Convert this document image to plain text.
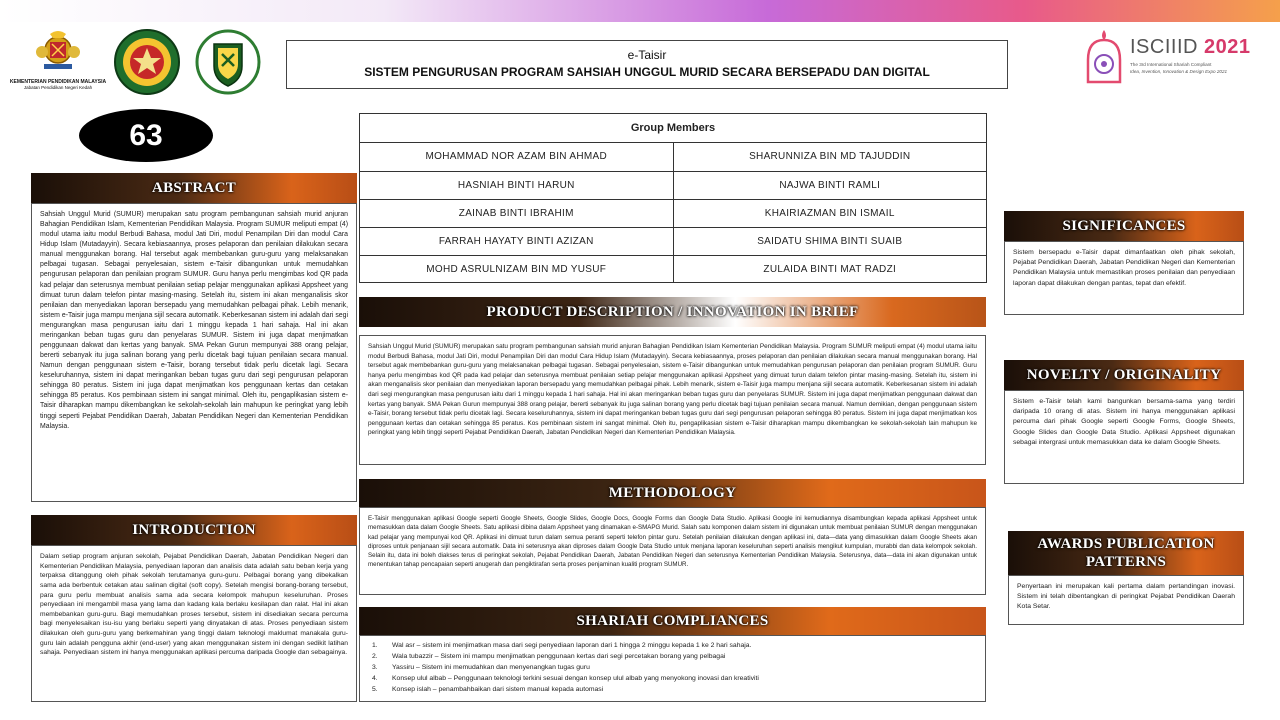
KEMENTERIAN PENDIDIKAN MALAYSIA
Jabatan Pendidikan Negeri Kedah
e-Taisir
SISTEM PENGURUSAN PROGRAM SAHSIAH UNGGUL MURID SECARA BERSEPADU DAN DIGITAL
ISCIIID 2021
The 3rd International Shariah Compliant
Idea, Invention, Innovation & Design Expo 2021
63
ABSTRACT
Sahsiah Unggul Murid (SUMUR) merupakan satu program pembangunan sahsiah murid anjuran Bahagian Pendidikan Islam, Kementerian Pendidikan Malaysia. Program SUMUR meliputi empat (4) modul utama iaitu modul Berbudi Bahasa, modul Jati Diri, modul Penampilan Diri dan modul Cara Hidup Islam (Mutadayyin). Secara kebiasaannya, proses pelaporan dan penilaian dilakukan secara manual menggunakan borang. Hal tersebut agak membebankan guru-guru yang melaksanakan pelbagai tugasan. Sebagai penyelesaian, sistem e-Taisir dibangunkan untuk memudahkan pengurusan pelaporan dan penilaian program SUMUR. Guru hanya perlu mengimbas kod QR pada kad pelajar dan seterusnya membuat penilaian setiap pelajar menggunakan aplikasi Appsheet yang dimuat turun dalam telefon pintar masing-masing. Setelah itu, sistem ini akan menganalisis skor penilaian dan menyediakan laporan bersepadu yang memudahkan pelbagai pihak. Lebih menarik, sistem e-Taisir juga mampu menjana sijil secara automatik. Keberkesanan sistem ini adalah dari segi mengurangkan masa pengurusan iaitu dari 1 minggu kepada 1 hari sahaja. Hal ini akan meringankan beban tugas guru dan penyelaras SUMUR. Sistem ini juga dapat menjimatkan penggunaan dakwat dan kertas yang banyak. SMA Pekan Gurun mempunyai 388 orang pelajar, bererti sebanyak itu juga salinan borang yang perlu dicetak bagi tujuan penilaian secara manual. Namun dengan penggunaan sistem e-Taisir, borang tersebut tidak perlu dicetak lagi. Secara keseluruhannya, sistem ini dapat meringankan beban tugas guru dari segi pengurusan pelaporan sehingga 80 peratus. Sistem ini juga dapat menjimatkan kos penggunaan kertas dan cetakan sehingga 85 peratus. Kos pembinaan sistem ini sangat minimal. Oleh itu, pengaplikasian sistem e-Taisir diharapkan mampu dikembangkan ke sekolah-sekolah lain mahupun ke peringkat yang lebih tinggi seperti Pejabat Pendidikan Daerah, Jabatan Pendidikan Negeri dan Kementerian Pendidikan Malaysia.
INTRODUCTION
Dalam setiap program anjuran sekolah, Pejabat Pendidikan Daerah, Jabatan Pendidikan Negeri dan Kementerian Pendidikan Malaysia, penyediaan laporan dan analisis data adalah satu beban kerja yang terpaksa ditanggung oleh pihak sekolah terutamanya guru-guru. Pelbagai borang yang dibekalkan sama ada berbentuk cetakan atau salinan digital (soft copy). Setelah mengisi borang-borang tersebut, para guru perlu membuat analisis sama ada secara kelompok mahupun keseluruhan. Proses penyediaan ini mengambil masa yang lama dan kadang kala berlaku kesilapan dan ralat. Hal ini akan membebankan guru-guru. Bagi memudahkan proses tersebut, sistem ini disediakan secara percuma bagi menyelesaikan isu-isu yang berlaku seperti yang dinyatakan di atas. Proses penyediaan sistem dilakukan oleh guru-guru yang berkemahiran yang tinggi dalam teknologi maklumat manakala guru-guru lain adalah pengguna akhir (end-user) yang akan menggunakan sistem ini dengan sedikit latihan sahaja. Penyediaan sistem ini hanya menggunakan aplikasi percuma daripada Google dan sebagainya.
Group Members
MOHAMMAD NOR AZAM BIN AHMAD	SHARUNNIZA BIN MD TAJUDDIN
HASNIAH BINTI HARUN	NAJWA BINTI RAMLI
ZAINAB BINTI IBRAHIM	KHAIRIAZMAN BIN ISMAIL
FARRAH HAYATY BINTI AZIZAN	SAIDATU SHIMA BINTI SUAIB
MOHD ASRULNIZAM BIN MD YUSUF	ZULAIDA BINTI MAT RADZI
PRODUCT DESCRIPTION / INNOVATION IN BRIEF
Sahsiah Unggul Murid (SUMUR) merupakan satu program pembangunan sahsiah murid anjuran Bahagian Pendidikan Islam Kementerian Pendidikan Malaysia. Program SUMUR meliputi empat (4) modul utama iaitu modul Berbudi Bahasa, modul Jati Diri, modul Penampilan Diri dan modul Cara Hidup Islam (Mutadayyin). Secara kebiasaannya, proses pelaporan dan penilaian dilakukan secara manual menggunakan borang. Hal tersebut agak membebankan guru-guru yang melaksanakan pelbagai tugasan. Sebagai penyelesaian, sistem e-Taisir dibangunkan untuk memudahkan pengurusan pelaporan dan penilaian program SUMUR. Guru hanya perlu mengimbas kod QR pada kad pelajar dan seterusnya membuat penilaian setiap pelajar menggunakan aplikasi Appsheet yang dimuat turun dalam telefon pintar masing-masing. Setelah itu, sistem ini akan menganalisis skor penilaian dan menyediakan laporan bersepadu yang memudahkan pelbagai pihak. Lebih menarik, sistem e-Taisir juga mampu menjana sijil secara automatik. Keberkesanan sistem ini adalah dari segi mengurangkan masa pengurusan iaitu dari 1 minggu kepada 1 hari sahaja. Hal ini akan meringankan beban tugas guru dan penyelaras SUMUR. Sistem ini juga dapat menjimatkan penggunaan dakwat dan kertas yang banyak. SMA Pekan Gurun mempunyai 388 orang pelajar, bererti sebanyak itu juga salinan borang yang perlu dicetak bagi tujuan penilaian secara manual. Namun demikian, dengan penggunaan sistem e-Taisir, borang tersebut tidak perlu dicetak lagi. Secara keseluruhannya, sistem ini dapat meringankan beban tugas guru dari segi pengurusan pelaporan sehingga 80 peratus. Sistem ini juga dapat menjimatkan kos penggunaan kertas dan cetakan sehingga 85 peratus. Kos pembinaan sistem ini sangat minimal. Oleh itu, pengaplikasian sistem e-Taisir diharapkan mampu dikembangkan ke sekolah-sekolah lain mahupun ke peringkat yang lebih tinggi seperti Pejabat Pendidikan Daerah, Jabatan Pendidikan Negeri dan Kementerian Pendidikan Malaysia.
METHODOLOGY
E-Taisir menggunakan aplikasi Google seperti Google Sheets, Google Slides, Google Docs, Google Forms dan Google Data Studio. Aplikasi Google ini kemudiannya disambungkan kepada aplikasi Appsheet untuk memasukkan data dalam Google Sheets. Satu aplikasi dibina dalam Appsheet yang dinamakan e-SMAPG Murid. Salah satu komponen dalam sistem ini digunakan untuk membuat penilaian SUMUR dengan menggunakan kad pelajar yang mempunyai kod QR. Aplikasi ini dimuat turun dalam semua peranti seperti telefon pintar guru. Setelah penilaian dilakukan dengan aplikasi ini, data—data yang dimasukkan dalam Google Sheets akan diproses untuk penjanaan sijil secara automatik. Data ini seterusnya akan diproses dalam Google Data Studio untuk menjana laporan keseluruhan seperti analisis mengikut kumpulan, murabbi dan data kelompok sekolah. Selain itu, data ini boleh diakses terus di peringkat sekolah, Pejabat Pendidikan Daerah, Jabatan Pendidikan Negeri dan seterusnya Kementerian Pendidikan Malaysia. Seterusnya, data—data ini akan digunakan untuk menentukan tahap pencapaian seperti anugerah dan pengiktirafan serta proses penjaminan kualiti program SUMUR.
SHARIAH COMPLIANCES
1.	Wal asr – sistem ini menjimatkan masa dari segi penyediaan laporan dari 1 hingga 2 minggu kepada 1 ke 2 hari sahaja.
2.	Wala tubazzir – Sistem ini mampu menjimatkan penggunaan kertas dari segi percetakan borang yang pelbagai
3.	Yassiru – Sistem ini memudahkan dan menyenangkan tugas guru
4.	Konsep ulul albab – Penggunaan teknologi terkini sesuai dengan konsep ulul albab yang menyokong inovasi dan kreativiti
5.	Konsep islah – penambahbaikan dari sistem manual kepada automasi
SIGNIFICANCES
Sistem bersepadu e-Taisir dapat dimanfaatkan oleh pihak sekolah, Pejabat Pendidikan Daerah, Jabatan Pendidikan Negeri dan Kementerian Pendidikan Malaysia untuk memastikan proses penilaian dan penyediaan laporan dapat dilakukan dengan pantas, tepat dan efektif.
NOVELTY / ORIGINALITY
Sistem e-Taisir telah kami bangunkan bersama-sama yang terdiri daripada 10 orang di atas. Sistem ini hanya menggunakan aplikasi percuma dari pihak Google seperti Google Forms, Google Sheets, Google Slides dan Google Data Studio. Aplikasi Appsheet digunakan sebagai intergrasi untuk memasukkan data ke dalam Google Sheets.
AWARDS PUBLICATION
PATTERNS
Penyertaan ini merupakan kali pertama dalam pertandingan inovasi. Sistem ini telah dibentangkan di peringkat Pejabat Pendidikan Daerah Kota Setar.
